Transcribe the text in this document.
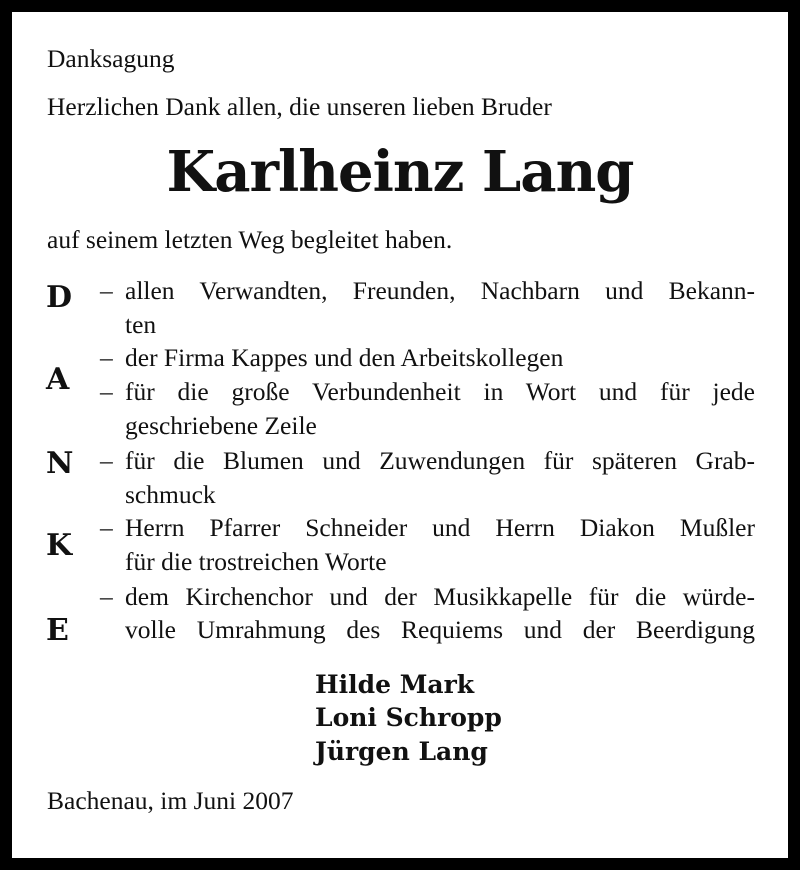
Danksagung
Herzlichen Dank allen, die unseren lieben Bruder
Karlheinz Lang
auf seinem letzten Weg begleitet haben.
D
A
N
K
E
–
–
–
–
–
–
allen Verwandten, Freunden, Nachbarn und Bekann-
ten
der Firma Kappes und den Arbeitskollegen
für die große Verbundenheit in Wort und für jede
geschriebene Zeile
für die Blumen und Zuwendungen für späteren Grab-
schmuck
Herrn Pfarrer Schneider und Herrn Diakon Mußler
für die trostreichen Worte
dem Kirchenchor und der Musikkapelle für die würde-
volle Umrahmung des Requiems und der Beerdigung
Hilde Mark
Loni Schropp
Jürgen Lang
Bachenau, im Juni 2007
